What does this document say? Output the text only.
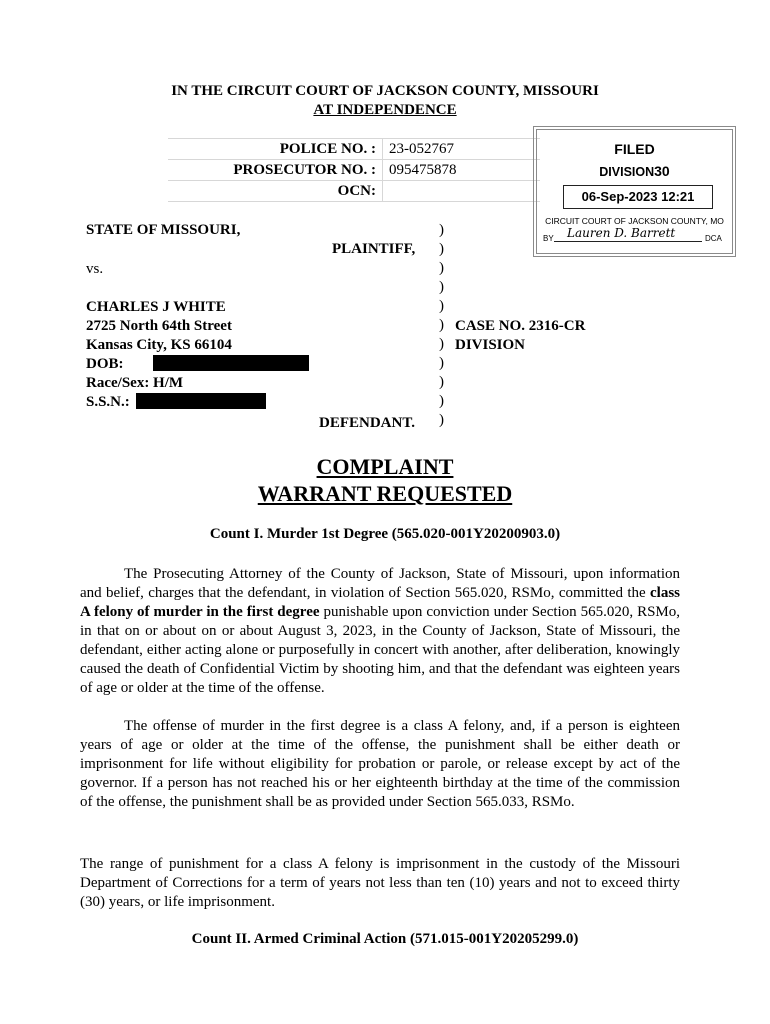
IN THE CIRCUIT COURT OF JACKSON COUNTY, MISSOURI
AT INDEPENDENCE
POLICE NO. : 23-052767
PROSECUTOR NO. : 095475878
OCN:
FILED
DIVISION30
06-Sep-2023 12:21
CIRCUIT COURT OF JACKSON COUNTY, MO
BY Lauren D. Barrett	DCA
STATE OF MISSOURI,
PLAINTIFF,
vs.
CHARLES J WHITE
2725 North 64th Street
Kansas City, KS 66104
DOB:
Race/Sex: H/M
S.S.N.:
DEFENDANT.
)
)
)
)
)
)
)
)
)
)
)
CASE NO. 2316-CR
DIVISION
COMPLAINT
WARRANT REQUESTED
Count I. Murder 1st Degree (565.020-001Y20200903.0)
The Prosecuting Attorney of the County of Jackson, State of Missouri, upon information and belief, charges that the defendant, in violation of Section 565.020, RSMo, committed the class A felony of murder in the first degree punishable upon conviction under Section 565.020, RSMo, in that on or about on or about August 3, 2023, in the County of Jackson, State of Missouri, the defendant, either acting alone or purposefully in concert with another, after deliberation, knowingly caused the death of Confidential Victim by shooting him, and that the defendant was eighteen years of age or older at the time of the offense.
The offense of murder in the first degree is a class A felony, and, if a person is eighteen years of age or older at the time of the offense, the punishment shall be either death or imprisonment for life without eligibility for probation or parole, or release except by act of the governor. If a person has not reached his or her eighteenth birthday at the time of the commission of the offense, the punishment shall be as provided under Section 565.033, RSMo.
The range of punishment for a class A felony is imprisonment in the custody of the Missouri Department of Corrections for a term of years not less than ten (10) years and not to exceed thirty (30) years, or life imprisonment.
Count II. Armed Criminal Action (571.015-001Y20205299.0)
